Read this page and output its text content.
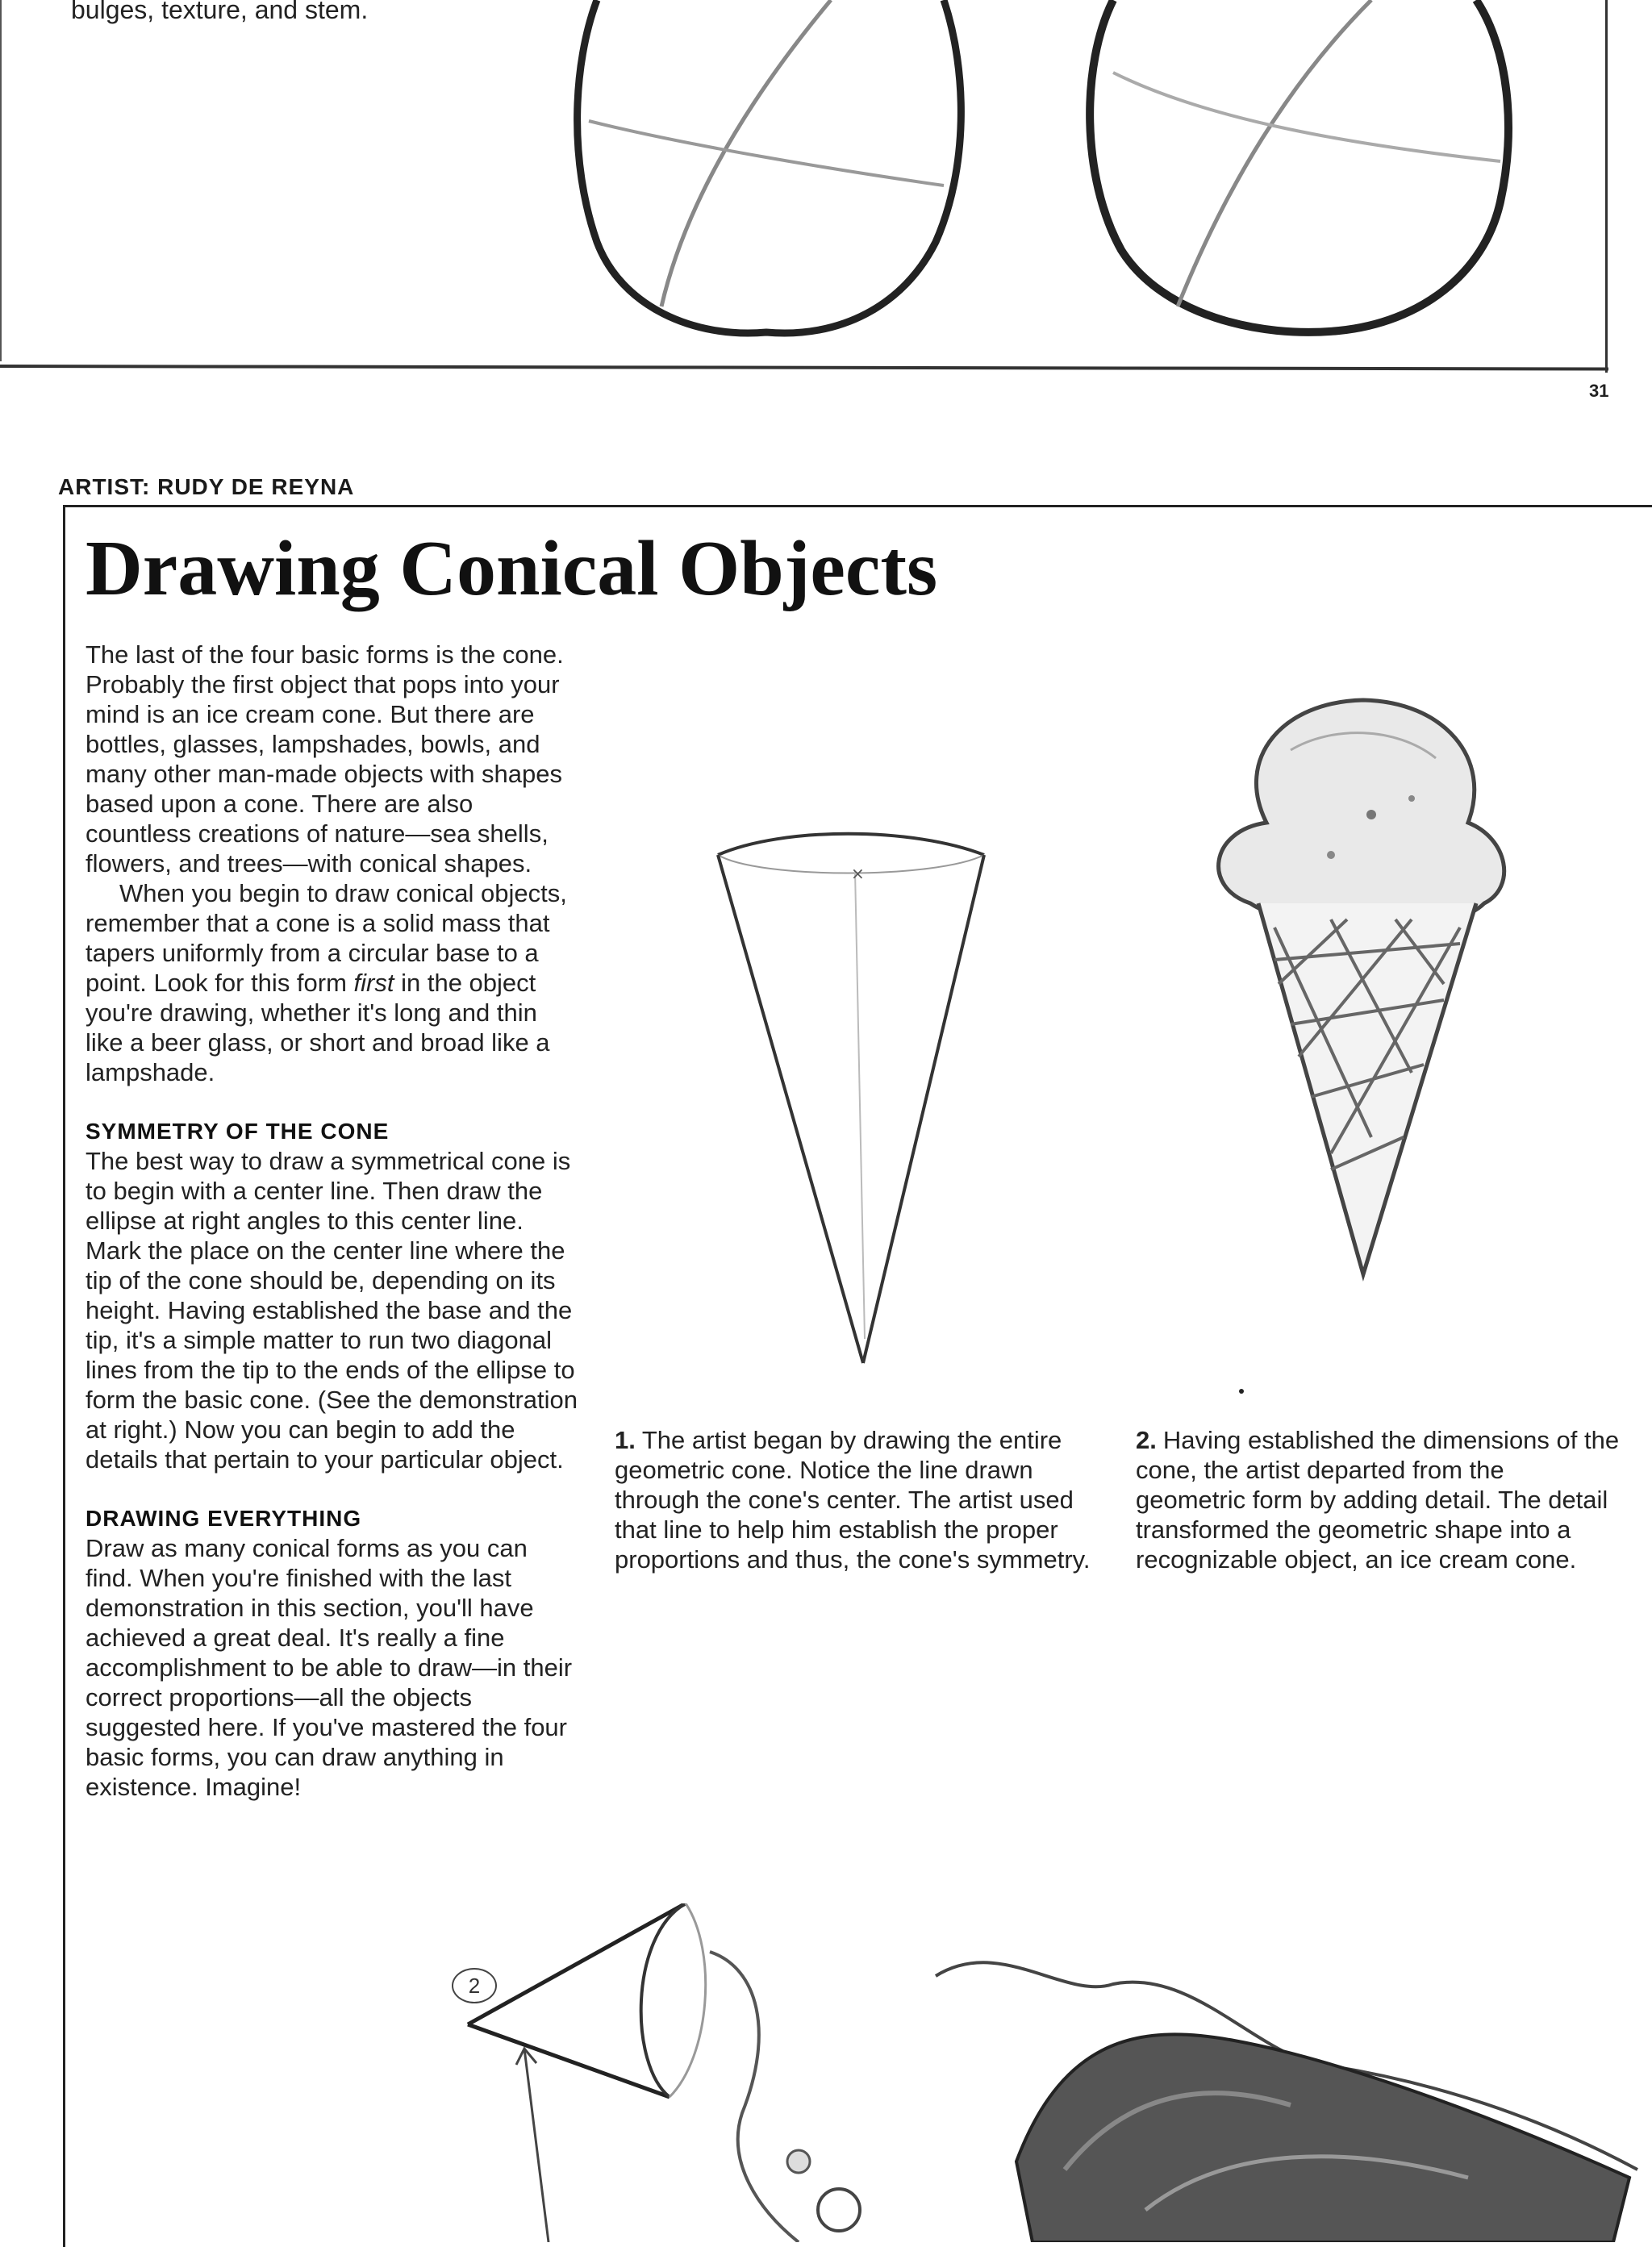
bulges, texture, and stem.
31
ARTIST: RUDY DE REYNA
Drawing Conical Objects

The last of the four basic forms is the cone. Probably the first object that pops into your mind is an ice cream cone. But there are bottles, glasses, lampshades, bowls, and many other man-made objects with shapes based upon a cone. There are also countless creations of nature—sea shells, flowers, and trees—with conical shapes.

When you begin to draw conical objects, remember that a cone is a solid mass that tapers uniformly from a circular base to a point. Look for this form first in the object you're drawing, whether it's long and thin like a beer glass, or short and broad like a lampshade.

SYMMETRY OF THE CONE

The best way to draw a symmetrical cone is to begin with a center line. Then draw the ellipse at right angles to this center line. Mark the place on the center line where the tip of the cone should be, depending on its height. Having established the base and the tip, it's a simple matter to run two diagonal lines from the tip to the ends of the ellipse to form the basic cone. (See the demonstration at right.) Now you can begin to add the details that pertain to your particular object.

DRAWING EVERYTHING

Draw as many conical forms as you can find. When you're finished with the last demonstration in this section, you'll have achieved a great deal. It's really a fine accomplishment to be able to draw—in their correct proportions—all the objects suggested here. If you've mastered the four basic forms, you can draw anything in existence. Imagine!

×
1. The artist began by drawing the entire geometric cone. Notice the line drawn through the cone's center. The artist used that line to help him establish the proper proportions and thus, the cone's symmetry.
2. Having established the dimensions of the cone, the artist departed from the geometric form by adding detail. The detail transformed the geometric shape into a recognizable object, an ice cream cone.
2
